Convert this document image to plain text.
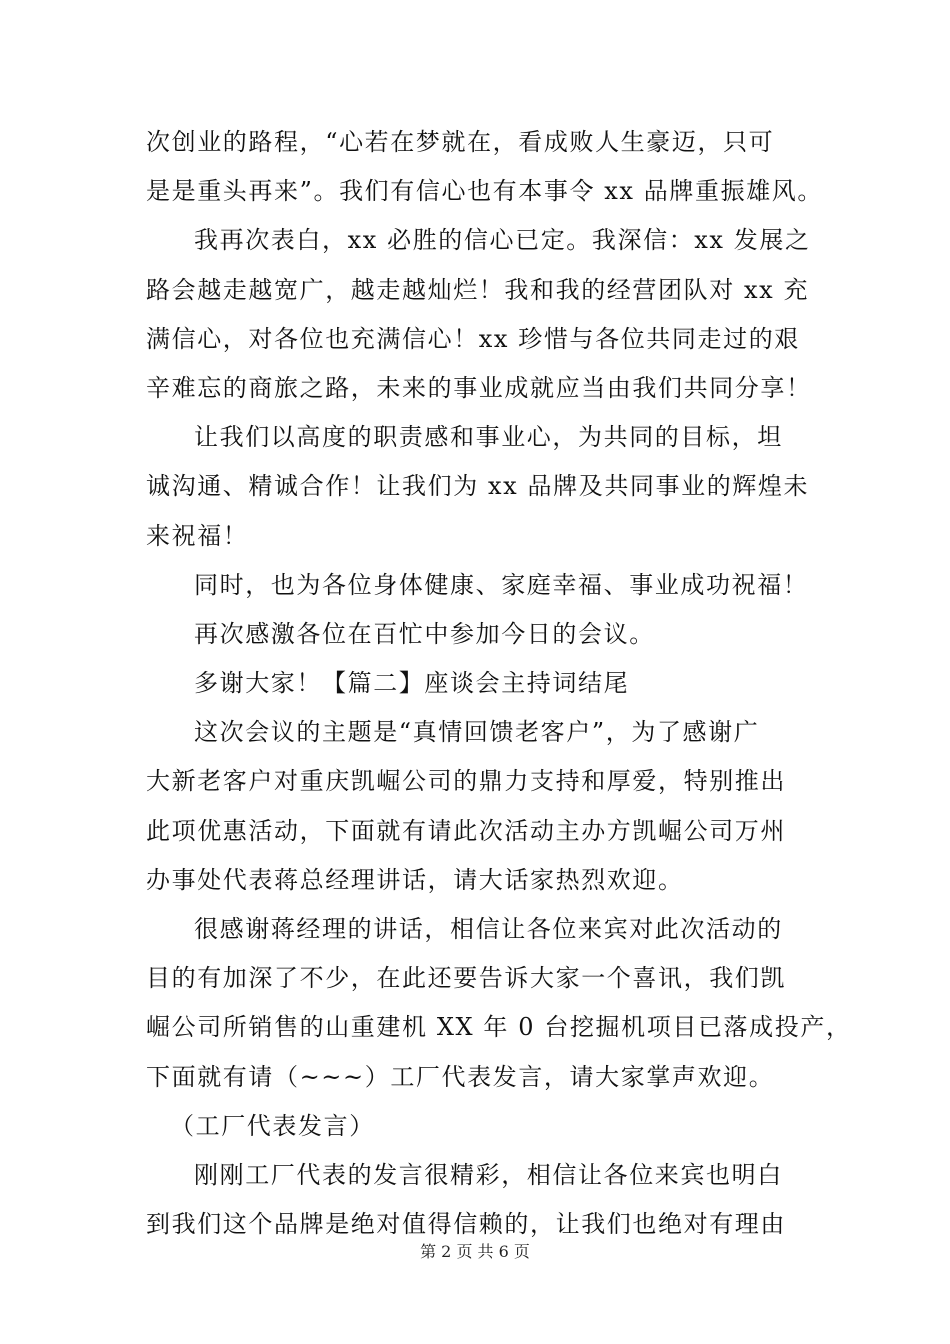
次创业的路程，“心若在梦就在，看成败人生豪迈，只可
是是重头再来”。我们有信心也有本事令 xx 品牌重振雄风。
我再次表白，xx 必胜的信心已定。我深信：xx 发展之
路会越走越宽广，越走越灿烂！我和我的经营团队对 xx 充
满信心，对各位也充满信心！xx 珍惜与各位共同走过的艰
辛难忘的商旅之路，未来的事业成就应当由我们共同分享！
让我们以高度的职责感和事业心，为共同的目标，坦
诚沟通、精诚合作！让我们为 xx 品牌及共同事业的辉煌未
来祝福！
同时，也为各位身体健康、家庭幸福、事业成功祝福！
再次感激各位在百忙中参加今日的会议。
多谢大家！【篇二】座谈会主持词结尾
这次会议的主题是“真情回馈老客户”，为了感谢广
大新老客户对重庆凯崛公司的鼎力支持和厚爱，特别推出
此项优惠活动，下面就有请此次活动主办方凯崛公司万州
办事处代表蒋总经理讲话，请大话家热烈欢迎。
很感谢蒋经理的讲话，相信让各位来宾对此次活动的
目的有加深了不少，在此还要告诉大家一个喜讯，我们凯
崛公司所销售的山重建机 XX 年 0 台挖掘机项目已落成投产，
下面就有请（~~~）工厂代表发言，请大家掌声欢迎。
（工厂代表发言）
刚刚工厂代表的发言很精彩，相信让各位来宾也明白
到我们这个品牌是绝对值得信赖的，让我们也绝对有理由
第 2 页 共 6 页
